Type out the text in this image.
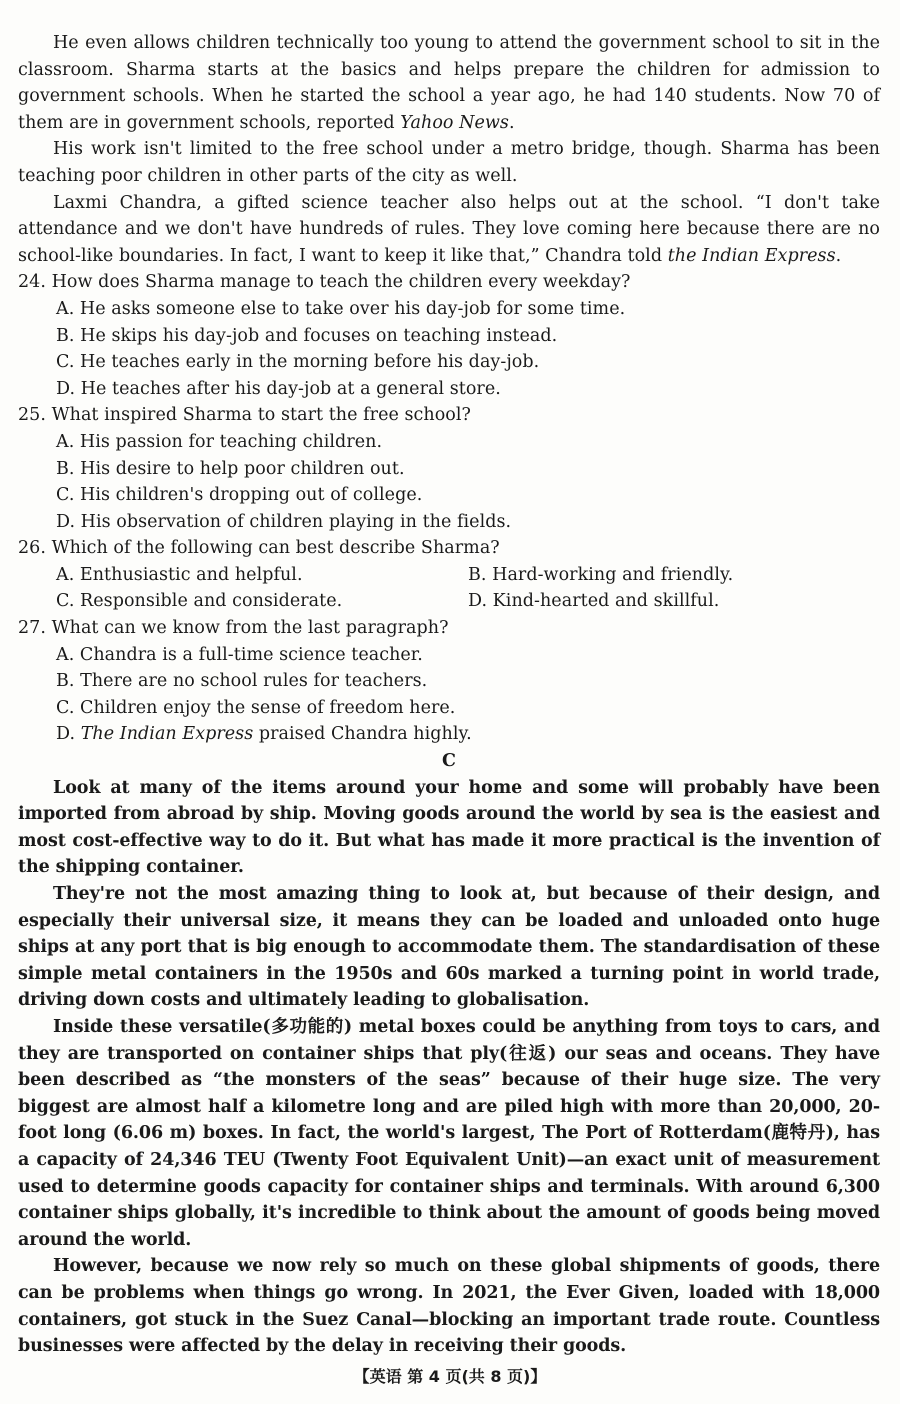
He even allows children technically too young to attend the government school to sit in the classroom. Sharma starts at the basics and helps prepare the children for admission to government schools. When he started the school a year ago, he had 140 students. Now 70 of them are in government schools, reported Yahoo News.

His work isn't limited to the free school under a metro bridge, though. Sharma has been teaching poor children in other parts of the city as well.

Laxmi Chandra, a gifted science teacher also helps out at the school. “I don't take attendance and we don't have hundreds of rules. They love coming here because there are no school-like boundaries. In fact, I want to keep it like that,” Chandra told the Indian Express.

24. How does Sharma manage to teach the children every weekday?

A. He asks someone else to take over his day-job for some time.

B. He skips his day-job and focuses on teaching instead.

C. He teaches early in the morning before his day-job.

D. He teaches after his day-job at a general store.

25. What inspired Sharma to start the free school?

A. His passion for teaching children.

B. His desire to help poor children out.

C. His children's dropping out of college.

D. His observation of children playing in the fields.

26. Which of the following can best describe Sharma?

A. Enthusiastic and helpful.	B. Hard-working and friendly.
C. Responsible and considerate.	D. Kind-hearted and skillful.

27. What can we know from the last paragraph?

A. Chandra is a full-time science teacher.

B. There are no school rules for teachers.

C. Children enjoy the sense of freedom here.

D. The Indian Express praised Chandra highly.

C

Look at many of the items around your home and some will probably have been imported from abroad by ship. Moving goods around the world by sea is the easiest and most cost-effective way to do it. But what has made it more practical is the invention of the shipping container.

They're not the most amazing thing to look at, but because of their design, and especially their universal size, it means they can be loaded and unloaded onto huge ships at any port that is big enough to accommodate them. The standardisation of these simple metal containers in the 1950s and 60s marked a turning point in world trade, driving down costs and ultimately leading to globalisation.

Inside these versatile(多功能的) metal boxes could be anything from toys to cars, and they are transported on container ships that ply(往返) our seas and oceans. They have been described as “the monsters of the seas” because of their huge size. The very biggest are almost half a kilometre long and are piled high with more than 20,000, 20-foot long (6.06 m) boxes. In fact, the world's largest, The Port of Rotterdam(鹿特丹), has a capacity of 24,346 TEU (Twenty Foot Equivalent Unit)—an exact unit of measurement used to determine goods capacity for container ships and terminals. With around 6,300 container ships globally, it's incredible to think about the amount of goods being moved around the world.

However, because we now rely so much on these global shipments of goods, there can be problems when things go wrong. In 2021, the Ever Given, loaded with 18,000 containers, got stuck in the Suez Canal—blocking an important trade route. Countless businesses were affected by the delay in receiving their goods.

【英语 第 4 页(共 8 页)】
